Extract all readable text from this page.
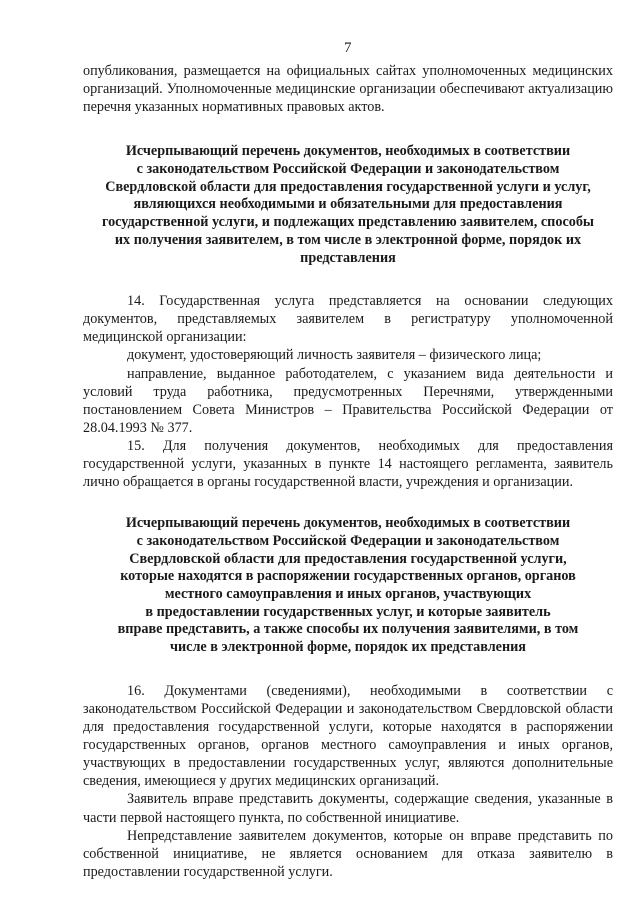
7

опубликования, размещается на официальных сайтах уполномоченных медицинских организаций. Уполномоченные медицинские организации обеспечивают актуализацию перечня указанных нормативных правовых актов.

Исчерпывающий перечень документов, необходимых в соответствии
с законодательством Российской Федерации и законодательством
Свердловской области для предоставления государственной услуги и услуг,
являющихся необходимыми и обязательными для предоставления
государственной услуги, и подлежащих представлению заявителем, способы
их получения заявителем, в том числе в электронной форме, порядок их
представления

14. Государственная услуга представляется на основании следующих документов, представляемых заявителем в регистратуру уполномоченной медицинской организации:

документ, удостоверяющий личность заявителя – физического лица;

направление, выданное работодателем, с указанием вида деятельности и условий труда работника, предусмотренных Перечнями, утвержденными постановлением Совета Министров – Правительства Российской Федерации от 28.04.1993 № 377.

15. Для получения документов, необходимых для предоставления государственной услуги, указанных в пункте 14 настоящего регламента, заявитель лично обращается в органы государственной власти, учреждения и организации.

Исчерпывающий перечень документов, необходимых в соответствии
с законодательством Российской Федерации и законодательством
Свердловской области для предоставления государственной услуги,
которые находятся в распоряжении государственных органов, органов
местного самоуправления и иных органов, участвующих
в предоставлении государственных услуг, и которые заявитель
вправе представить, а также способы их получения заявителями, в том
числе в электронной форме, порядок их представления

16. Документами (сведениями), необходимыми в соответствии с законодательством Российской Федерации и законодательством Свердловской области для предоставления государственной услуги, которые находятся в распоряжении государственных органов, органов местного самоуправления и иных органов, участвующих в предоставлении государственных услуг, являются дополнительные сведения, имеющиеся у других медицинских организаций.

Заявитель вправе представить документы, содержащие сведения, указанные в части первой настоящего пункта, по собственной инициативе.

Непредставление заявителем документов, которые он вправе представить по собственной инициативе, не является основанием для отказа заявителю в предоставлении государственной услуги.
